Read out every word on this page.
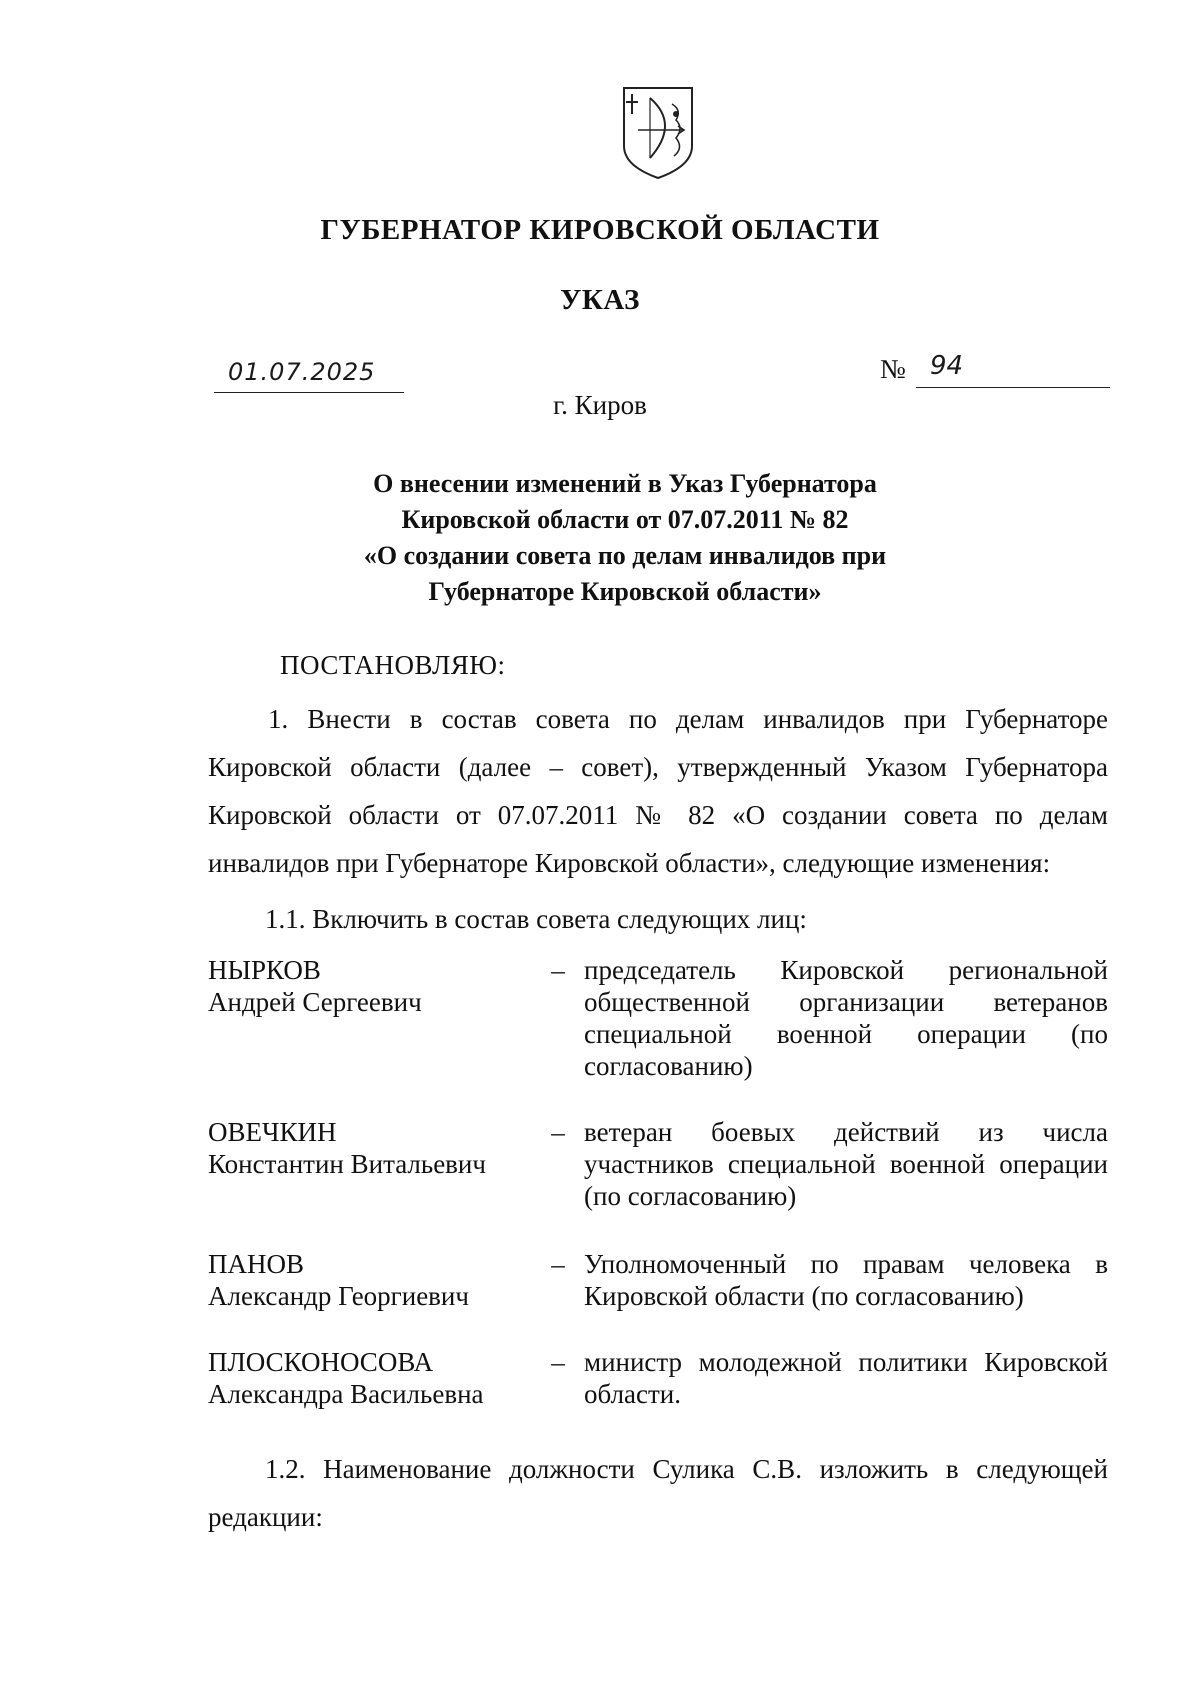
ГУБЕРНАТОР КИРОВСКОЙ ОБЛАСТИ
УКАЗ
01.07.2025	№ 94
г. Киров
О внесении изменений в Указ Губернатора
Кировской области от 07.07.2011 № 82
«О создании совета по делам инвалидов при
Губернаторе Кировской области»
ПОСТАНОВЛЯЮ:
1. Внести в состав совета по делам инвалидов при Губернаторе Кировской области (далее – совет), утвержденный Указом Губернатора Кировской области от 07.07.2011 № 82 «О создании совета по делам инвалидов при Губернаторе Кировской области», следующие изменения:
1.1. Включить в состав совета следующих лиц:
НЫРКОВ
Андрей Сергеевич
– председатель Кировской региональной общественной организации ветеранов специальной военной операции (по согласованию)
ОВЕЧКИН
Константин Витальевич
– ветеран боевых действий из числа участников специальной военной операции (по согласованию)
ПАНОВ
Александр Георгиевич
– Уполномоченный по правам человека в Кировской области (по согласованию)
ПЛОСКОНОСОВА
Александра Васильевна
– министр молодежной политики Кировской области.
1.2. Наименование должности Сулика С.В. изложить в следующей редакции:
